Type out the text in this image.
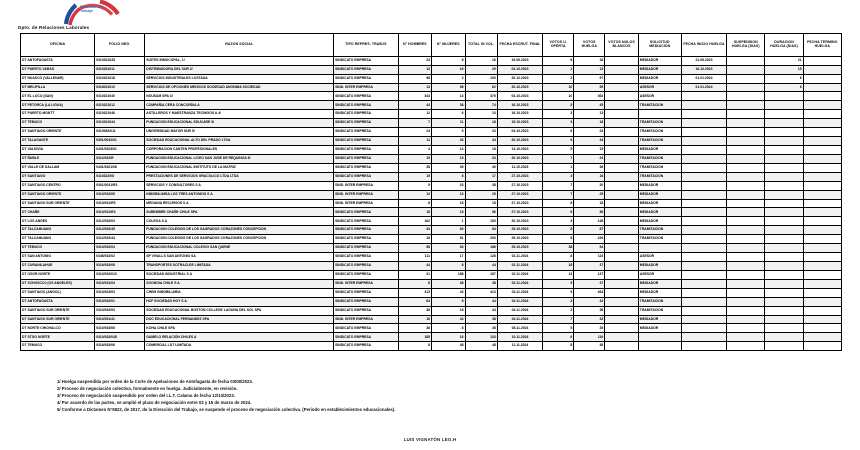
Dirección del
Trabajo
Dpto. de Relaciones Laborales
OFICINA	FOLIO NEG.	RAZON SOCIAL	TIPO REPRES. TRABJS	N° HOMBRES	N° MUJERES	TOTAL IN VOL.	FECHA ESCRUT. FINAL	VOTOS U. OFERTA	VOTOS HUELGA	VOTOS NULOS BLANCOS	SOLICITUD MEDIACION	FECHA INICIO HUELGA	SUSPENSION HUELGA (DIAS)	DURACION HUELGA (DIAS)	FECHA TERMINO HUELGA
DT ANTOFAGASTA	0310321045	SUITES INMOCOPAL, 1/	SINDICATO EMPRESA	24	8	16	16.06.2023	8	16		MEDIADOR	21.06.2023		21	
DT PUERTO VARAS	0310331011	DISTRIBUIDORA DEL SUR 2/	SINDICATO EMPRESA	13	16	29	04.10.2023	1	13		MEDIADOR	16.10.2023		15	
DT HUASCO (VALLENAR)	0310321018	SERVICIOS INDUSTRIALES LOSTADA	SINDICATO EMPRESA	98	2	100	20.12.2023	3	97		MEDIADOR	01.01.2024		6	
DT MELIPILLA	0316031010	SERVICIOS DE OPCIONES MEDICOS SOCIEDAD ANONIMA SOCIEDAD	SIND. INTER EMPRESA	13	58	62	20.12.2023	10	55		ASESOR	01.01.2024		6	
DT EL LOCO (SAN)	0310321040	NOUSAM SPA 3/	SINDICATO EMPRESA	343	13	376	04.10.2023	10	363		ASESOR				
DT PETORCA (LA LIGUA)	0310321012	COMPAÑIA CERA CONCORDIA A	SINDICATO EMPRESA	44	38	74	16.10.2023	5	45		TRAMITACION				
DT PUERTO MONTT	0310321046	ASTILLEROS Y MAESTRANZA TECNIGOS A 4/	SINDICATO EMPRESA	12	6	13	16.10.2023	3	13						
DT TEMUCO	0310321044	FUNDACION EDUCACIONAL EDUCARE 5/	SINDICATO EMPRESA	7	11	18	15.10.2023	3	18		TRAMITACION				
DT SANTIAGO ORIENTE	0310082/011	UNIVERSIDAD MAYOR SUR 5/	SINDICATO EMPRESA	24	5	23	03.10.2023	6	24		TRAMITACION				
DT TALAGANTE	0301/0032/01	SOCIEDAD EDUCACIONAL ALTO DEL PRADO LTDA	SINDICATO EMPRESA	11	33	44	20.10.2023	6	44		TRAMITACION				
DT VALDIVIA	0431/0323/01	CORPORACION CANTEN PROFESIONALES	SINDICATO EMPRESA	4	13	18	13.10.2023	5	15		MEDIADOR				
DT ÑUBLE	0312/032/R	FUNDACION EDUCACIONAL LICEO SAN JOSE DE REQUINOA 5/	SINDICATO EMPRESA	15	15	33	20.10.2023	7	24		TRAMITACION				
DT VALLE DE DALLAM	0431/0321/08	FUNDACION EDUCACIONAL INSTITUTO DE LA MATRIZ	SINDICATO EMPRESA	38	35	40	11.10.2023	1	36		TRAMITACION				
DT SANTIAGO	0310322/08	PRESTACIONES DE SERVICIOS GRACOLICO LTDA LTDA	SINDICATO EMPRESA	15	8	17	27.10.2023	3	16		TRAMITACION				
DT SANTIAGO CENTRO	0301/0031/R3	SERVICIOS Y CONSULTORES S A	SIND. INTER EMPRESA	9	23	38	27.10.2023	7	20		MEDIADOR				
DT SANTIAGO ORIENTE	0310/032/05	INMOBILIARIA LOS TRES ANTONIOS S A	SIND. INTER EMPRESA	13	13	25	27.10.2023	7	25		MEDIADOR				
DT SANTIAGO SUR ORIENTE	0310/031/R5	MEDIANA RECURSOS S A	SIND. INTER EMPRESA	8	18	18	27.10.2023	8	18		MEDIADOR				
DT CHAÑE	0310/031/R3	SUBEMBRE CHAÑE CHILE SPA	SINDICATO EMPRESA	18	18	56	27.10.2023	6	56		MEDIADOR				
DT LOS ANGES	0312/033/03	COLEGA S A	SINDICATO EMPRESA	162	1	153	20.10.2023	3	148		MEDIADOR				
DT TALCAHUANO	0312/032/45	FUNDACION COLEGIOS DE LOS SAGRADOS CORAZONES CONCEPCION	SINDICATO EMPRESA	33	54	84	25.10.2023	8	87		TRAMITACION				
DT TALCAHUANO	0312/032/44	FUNDACION COLEGIOS DE LOS SAGRADOS CORAZONES CONCEPCION	SINDICATO EMPRESA	18	51	293	25.10.2023	8	249		TRAMITACION				
DT TEMUCO	0310/032/04	FUNDACION EDUCACIONAL COLEGIO SAN QUENE	SINDICATO EMPRESA	58	54	186	25.10.2023	38	54						
DT SAN ANTONIO	0346/032/02	SP VIVALLS SAN ANTONIO SA	SINDICATO EMPRESA	111	17	128	02.11.2024	8	115		ASESOR				
DT CURANILAHUE	0316/033/08	TRANSPORTES SOTRACLEE LIMITADA	SINDICATO EMPRESA	44	8	44	02.11.2024	18	37		MEDIADOR				
DT OSOR NORTE	0310/032/010	SOCIEDAD INDUSTRIAL S A	SINDICATO EMPRESA	31	188	187	02.11.2024	13	137		ASESOR				
DT SCHOSCOJ (OS ANGELES)	0310/031/04	SOONGIA CHILE S A	SIND. INTER EMPRESA	8	38	38	02.11.2024	5	37		MEDIADOR				
DT SANTIAGO (ANGOL)	0310/023/03	CHEM INMOBILIARIA	SINDICATO EMPRESA	313	43	413	03.11.2024	5	464		MEDIADOR				
DT ANTOFAGASTA	0310/032/01	HCF SOCIEDAD HOY S A	SINDICATO EMPRESA	64	8	44	04.11.2024	3	42		TRAMITACION				
DT SANTIAGO SUR ORIENTE	0310/032/03	SOCIEDAD EDUCACIONAL BOSTON COLLEGE LAGUNA DEL SOL SPA	SINDICATO EMPRESA	38	18	44	04.11.2024	3	38		TRAMITACION				
DT SANTIAGO SUR ORIENTE	0310/031/41	DOC EDUCACIONAL FERNANDEZ SPA	SIND. INTER EMPRESA	16	44	38	04.11.2024	7	33		MEDIADOR				
DT NORTE CHICHALCO	0310/033/06	KOHA CHILE SPA	SINDICATO EMPRESA	36	8	36	08.11.2024	5	35		MEDIADOR				
DT STGO NORTE	0310/033/048	GAMELO RELACIÓN CHILES A	SINDICATO EMPRESA	185	16	133	10.11.2024	6	116						
DT TEMUCO	0316/033/06	COMERCIAL LDT LIMITADA	SINDICATO EMPRESA	8	48	48	11.11.2024	8	48						
1/ Huelga suspendida por orden de la Corte de Apelaciones de Antofagasta de fecha 03/08/2023.
2/ Proceso de negociación colectiva, formalmente en huelga. Judicialmente, en revisión.
3/ Proceso de negociación suspendido por orden del I.L.T. Calama de fecha 12/10/2023.
4/ Por acuerdo de las partes, se amplió el plazo de negociación entre 03 y 15 de marzo de 2024.
5/ Conforme a Dictamen N°5822, de 2017, de la Dirección del Trabajo, se suspende el proceso de negociación colectiva. (Periodo en establecimientos educacionales).
LUIS VIGNATÓN LEO.H
